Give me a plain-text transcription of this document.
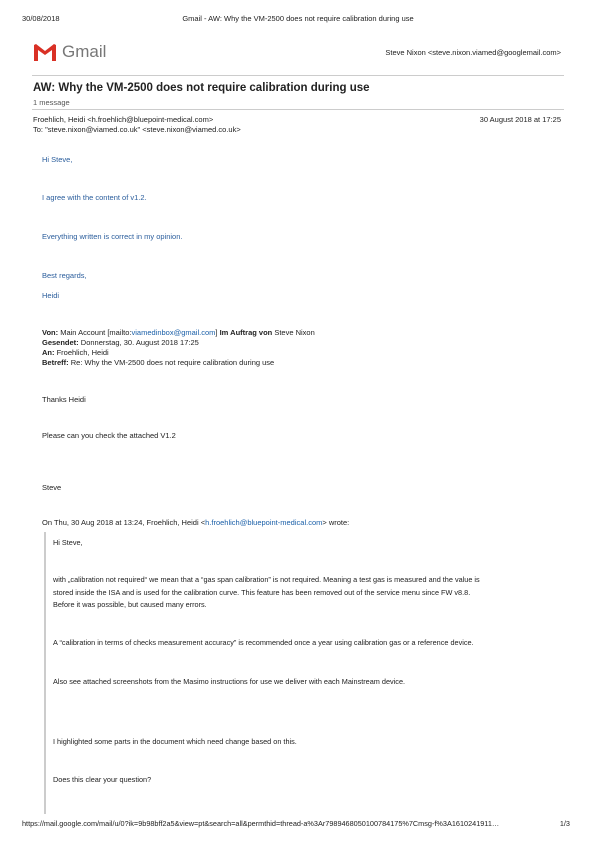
30/08/2018	Gmail - AW: Why the VM-2500 does not require calibration during use
Gmail	Steve Nixon <steve.nixon.viamed@googlemail.com>
AW: Why the VM-2500 does not require calibration during use
1 message
Froehlich, Heidi <h.froehlich@bluepoint-medical.com>	30 August 2018 at 17:25
To: "steve.nixon@viamed.co.uk" <steve.nixon@viamed.co.uk>
Hi Steve,
I agree with the content of v1.2.
Everything written is correct in my opinion.
Best regards,
Heidi
Von: Main Account [mailto:viamedinbox@gmail.com] Im Auftrag von Steve Nixon
Gesendet: Donnerstag, 30. August 2018 17:25
An: Froehlich, Heidi
Betreff: Re: Why the VM-2500 does not require calibration during use
Thanks Heidi
Please can you check the attached V1.2
Steve
On Thu, 30 Aug 2018 at 13:24, Froehlich, Heidi <h.froehlich@bluepoint-medical.com> wrote:
Hi Steve,
with „calibration not required“ we mean that a “gas span calibration” is not required. Meaning a test gas is measured and the value is
stored inside the ISA and is used for the calibration curve. This feature has been removed out of the service menu since FW v8.8.
Before it was possible, but caused many errors.
A “calibration in terms of checks measurement accuracy” is recommended once a year using calibration gas or a reference device.
Also see attached screenshots from the Masimo instructions for use we deliver with each Mainstream device.
I highlighted some parts in the document which need change based on this.
Does this clear your question?
https://mail.google.com/mail/u/0?ik=9b98bff2a5&view=pt&search=all&permthid=thread-a%3Ar7989468050100784175%7Cmsg-f%3A1610241911…	1/3
